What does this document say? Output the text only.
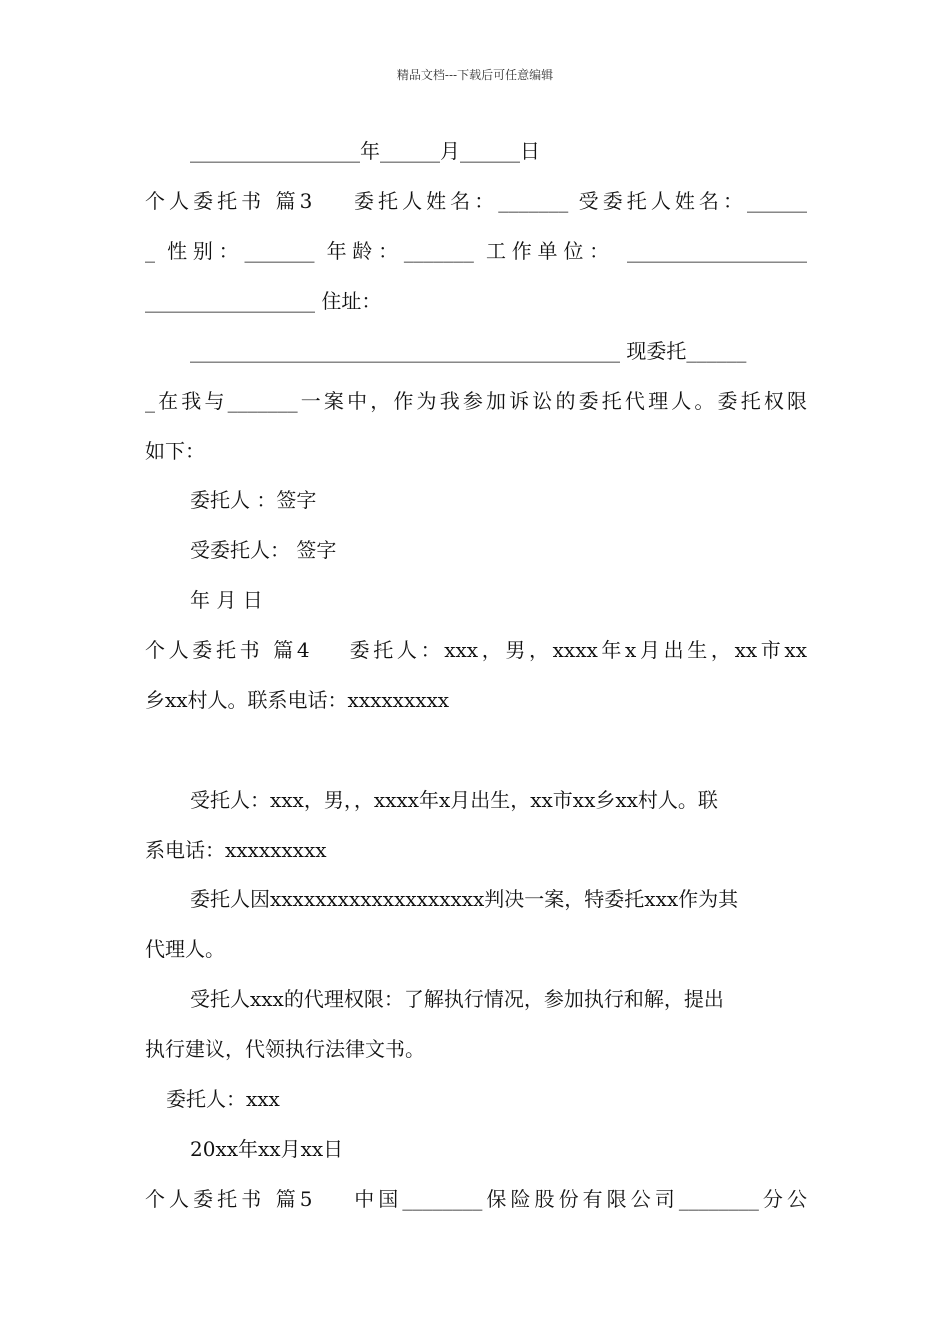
精品文档---下载后可任意编辑
_________________年______月______日
个人委托书 篇3    委托人姓名：_______ 受委托人姓名：______
_ 性别：_______ 年龄：_______ 工作单位： __________________
_________________ 住址：
___________________________________________ 现委托______
_在我与_______一案中，作为我参加诉讼的委托代理人。委托权限
如下：
委托人 ：签字
受委托人： 签字
年 月 日
个人委托书 篇4    委托人：xxx，男，xxxx年x月出生，xx市xx
乡xx村人。联系电话：xxxxxxxxx
受托人：xxx，男，，xxxx年x月出生，xx市xx乡xx村人。联
系电话：xxxxxxxxx
委托人因xxxxxxxxxxxxxxxxxxx判决一案，特委托xxx作为其
代理人。
受托人xxx的代理权限：了解执行情况，参加执行和解，提出
执行建议，代领执行法律文书。
委托人：xxx
20xx年xx月xx日
个人委托书 篇5    中国________保险股份有限公司________分公
